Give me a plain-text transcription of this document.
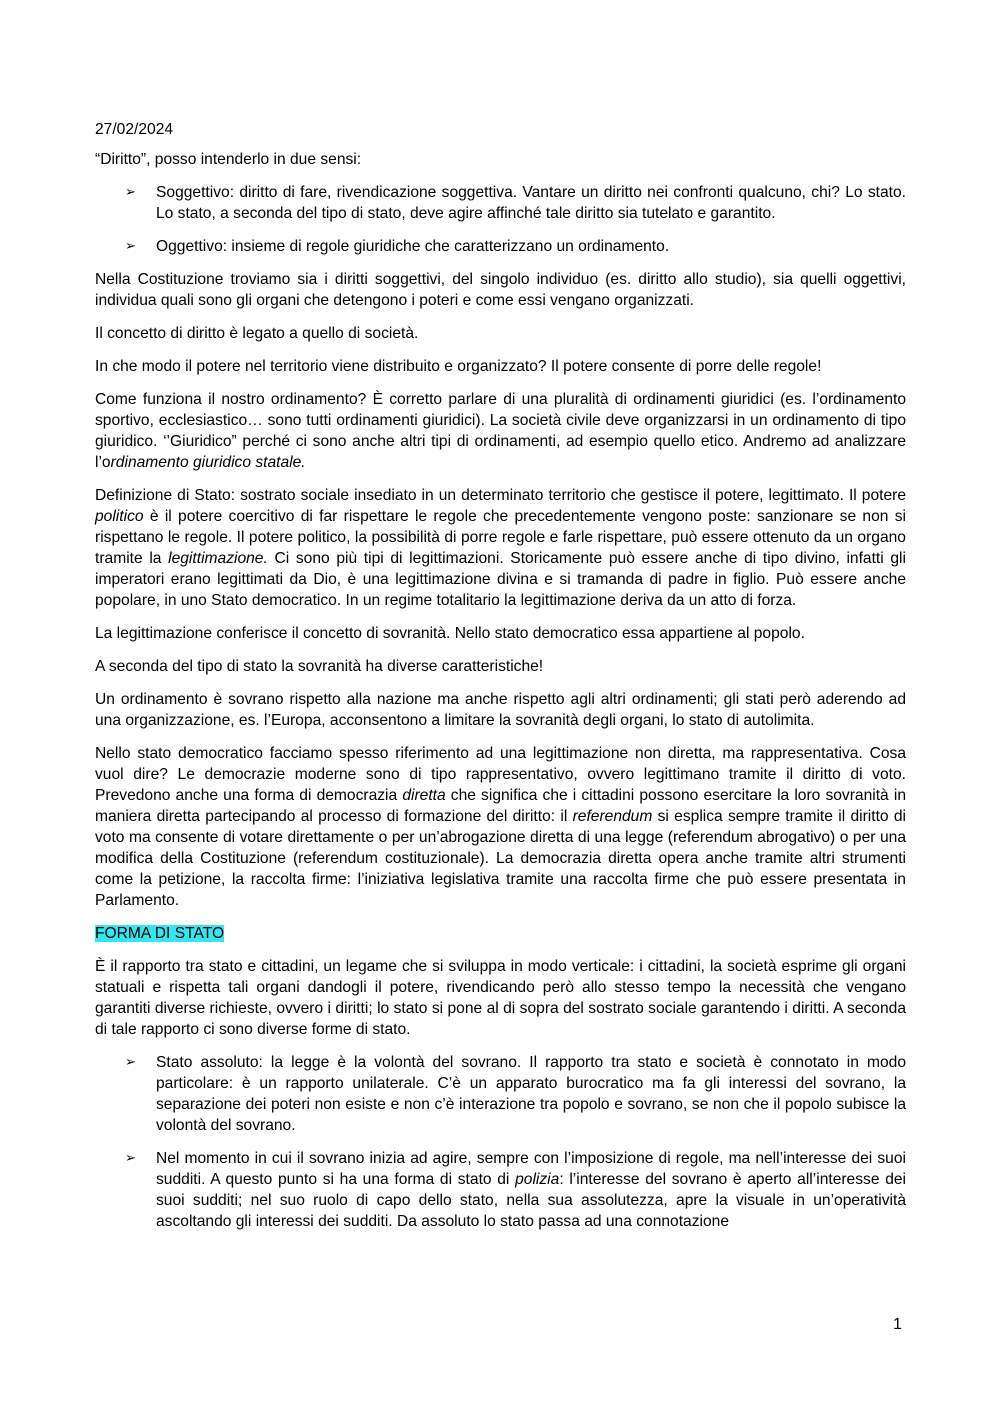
27/02/2024

“Diritto”, posso intenderlo in due sensi:

➢ Soggettivo: diritto di fare, rivendicazione soggettiva. Vantare un diritto nei confronti qualcuno, chi? Lo stato. Lo stato, a seconda del tipo di stato, deve agire affinché tale diritto sia tutelato e garantito.
➢ Oggettivo: insieme di regole giuridiche che caratterizzano un ordinamento.

Nella Costituzione troviamo sia i diritti soggettivi, del singolo individuo (es. diritto allo studio), sia quelli oggettivi, individua quali sono gli organi che detengono i poteri e come essi vengano organizzati.

Il concetto di diritto è legato a quello di società.

In che modo il potere nel territorio viene distribuito e organizzato? Il potere consente di porre delle regole!

Come funziona il nostro ordinamento? È corretto parlare di una pluralità di ordinamenti giuridici (es. l’ordinamento sportivo, ecclesiastico… sono tutti ordinamenti giuridici). La società civile deve organizzarsi in un ordinamento di tipo giuridico. ‘’Giuridico” perché ci sono anche altri tipi di ordinamenti, ad esempio quello etico. Andremo ad analizzare l’ordinamento giuridico statale.

Definizione di Stato: sostrato sociale insediato in un determinato territorio che gestisce il potere, legittimato. Il potere politico è il potere coercitivo di far rispettare le regole che precedentemente vengono poste: sanzionare se non si rispettano le regole. Il potere politico, la possibilità di porre regole e farle rispettare, può essere ottenuto da un organo tramite la legittimazione. Ci sono più tipi di legittimazioni. Storicamente può essere anche di tipo divino, infatti gli imperatori erano legittimati da Dio, è una legittimazione divina e si tramanda di padre in figlio. Può essere anche popolare, in uno Stato democratico. In un regime totalitario la legittimazione deriva da un atto di forza.

La legittimazione conferisce il concetto di sovranità. Nello stato democratico essa appartiene al popolo.

A seconda del tipo di stato la sovranità ha diverse caratteristiche!

Un ordinamento è sovrano rispetto alla nazione ma anche rispetto agli altri ordinamenti; gli stati però aderendo ad una organizzazione, es. l’Europa, acconsentono a limitare la sovranità degli organi, lo stato di autolimita.

Nello stato democratico facciamo spesso riferimento ad una legittimazione non diretta, ma rappresentativa. Cosa vuol dire? Le democrazie moderne sono di tipo rappresentativo, ovvero legittimano tramite il diritto di voto. Prevedono anche una forma di democrazia diretta che significa che i cittadini possono esercitare la loro sovranità in maniera diretta partecipando al processo di formazione del diritto: il referendum si esplica sempre tramite il diritto di voto ma consente di votare direttamente o per un’abrogazione diretta di una legge (referendum abrogativo) o per una modifica della Costituzione (referendum costituzionale). La democrazia diretta opera anche tramite altri strumenti come la petizione, la raccolta firme: l’iniziativa legislativa tramite una raccolta firme che può essere presentata in Parlamento.

FORMA DI STATO

È il rapporto tra stato e cittadini, un legame che si sviluppa in modo verticale: i cittadini, la società esprime gli organi statuali e rispetta tali organi dandogli il potere, rivendicando però allo stesso tempo la necessità che vengano garantiti diverse richieste, ovvero i diritti; lo stato si pone al di sopra del sostrato sociale garantendo i diritti. A seconda di tale rapporto ci sono diverse forme di stato.

➢ Stato assoluto: la legge è la volontà del sovrano. Il rapporto tra stato e società è connotato in modo particolare: è un rapporto unilaterale. C’è un apparato burocratico ma fa gli interessi del sovrano, la separazione dei poteri non esiste e non c’è interazione tra popolo e sovrano, se non che il popolo subisce la volontà del sovrano.
➢ Nel momento in cui il sovrano inizia ad agire, sempre con l’imposizione di regole, ma nell’interesse dei suoi sudditi. A questo punto si ha una forma di stato di polizia: l’interesse del sovrano è aperto all’interesse dei suoi sudditi; nel suo ruolo di capo dello stato, nella sua assolutezza, apre la visuale in un’operatività ascoltando gli interessi dei sudditi. Da assoluto lo stato passa ad una connotazione
1
